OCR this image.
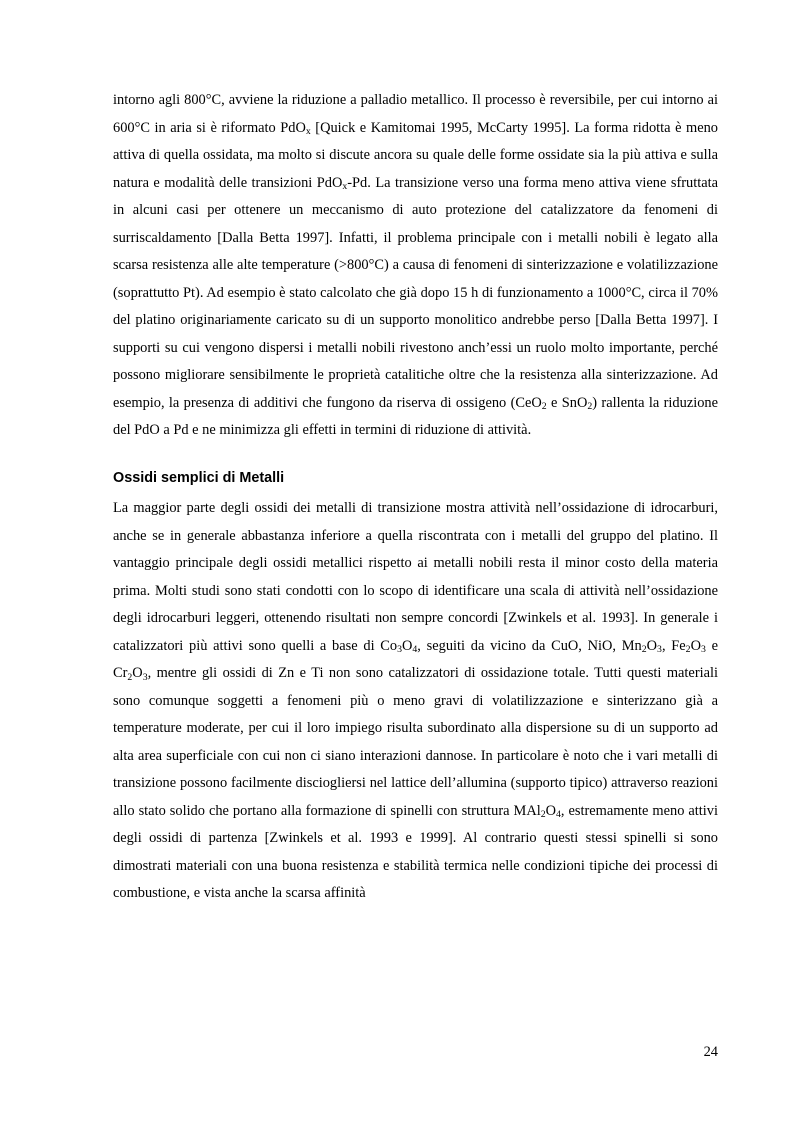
intorno agli 800°C, avviene la riduzione a palladio metallico. Il processo è reversibile, per cui intorno ai 600°C in aria si è riformato PdO$_x$ [Quick e Kamitomai 1995, McCarty 1995]. La forma ridotta è meno attiva di quella ossidata, ma molto si discute ancora su quale delle forme ossidate sia la più attiva e sulla natura e modalità delle transizioni PdO$_x$-Pd. La transizione verso una forma meno attiva viene sfruttata in alcuni casi per ottenere un meccanismo di auto protezione del catalizzatore da fenomeni di surriscaldamento [Dalla Betta 1997]. Infatti, il problema principale con i metalli nobili è legato alla scarsa resistenza alle alte temperature (>800°C) a causa di fenomeni di sinterizzazione e volatilizzazione (soprattutto Pt). Ad esempio è stato calcolato che già dopo 15 h di funzionamento a 1000°C, circa il 70% del platino originariamente caricato su di un supporto monolitico andrebbe perso [Dalla Betta 1997]. I supporti su cui vengono dispersi i metalli nobili rivestono anch’essi un ruolo molto importante, perché possono migliorare sensibilmente le proprietà catalitiche oltre che la resistenza alla sinterizzazione. Ad esempio, la presenza di additivi che fungono da riserva di ossigeno (CeO$_2$ e SnO$_2$) rallenta la riduzione del PdO a Pd e ne minimizza gli effetti in termini di riduzione di attività.

Ossidi semplici di Metalli

La maggior parte degli ossidi dei metalli di transizione mostra attività nell’ossidazione di idrocarburi, anche se in generale abbastanza inferiore a quella riscontrata con i metalli del gruppo del platino. Il vantaggio principale degli ossidi metallici rispetto ai metalli nobili resta il minor costo della materia prima. Molti studi sono stati condotti con lo scopo di identificare una scala di attività nell’ossidazione degli idrocarburi leggeri, ottenendo risultati non sempre concordi [Zwinkels et al. 1993]. In generale i catalizzatori più attivi sono quelli a base di $Co_3O_4$, seguiti da vicino da CuO, NiO, $Mn_2O_3$, $Fe_2O_3$ e $Cr_2O_3$, mentre gli ossidi di Zn e Ti non sono catalizzatori di ossidazione totale. Tutti questi materiali sono comunque soggetti a fenomeni più o meno gravi di volatilizzazione e sinterizzano già a temperature moderate, per cui il loro impiego risulta subordinato alla dispersione su di un supporto ad alta area superficiale con cui non ci siano interazioni dannose. In particolare è noto che i vari metalli di transizione possono facilmente disciogliersi nel lattice dell’allumina (supporto tipico) attraverso reazioni allo stato solido che portano alla formazione di spinelli con struttura $MAl_2O_4$, estremamente meno attivi degli ossidi di partenza [Zwinkels et al. 1993 e 1999]. Al contrario questi stessi spinelli si sono dimostrati materiali con una buona resistenza e stabilità termica nelle condizioni tipiche dei processi di combustione, e vista anche la scarsa affinità

24
